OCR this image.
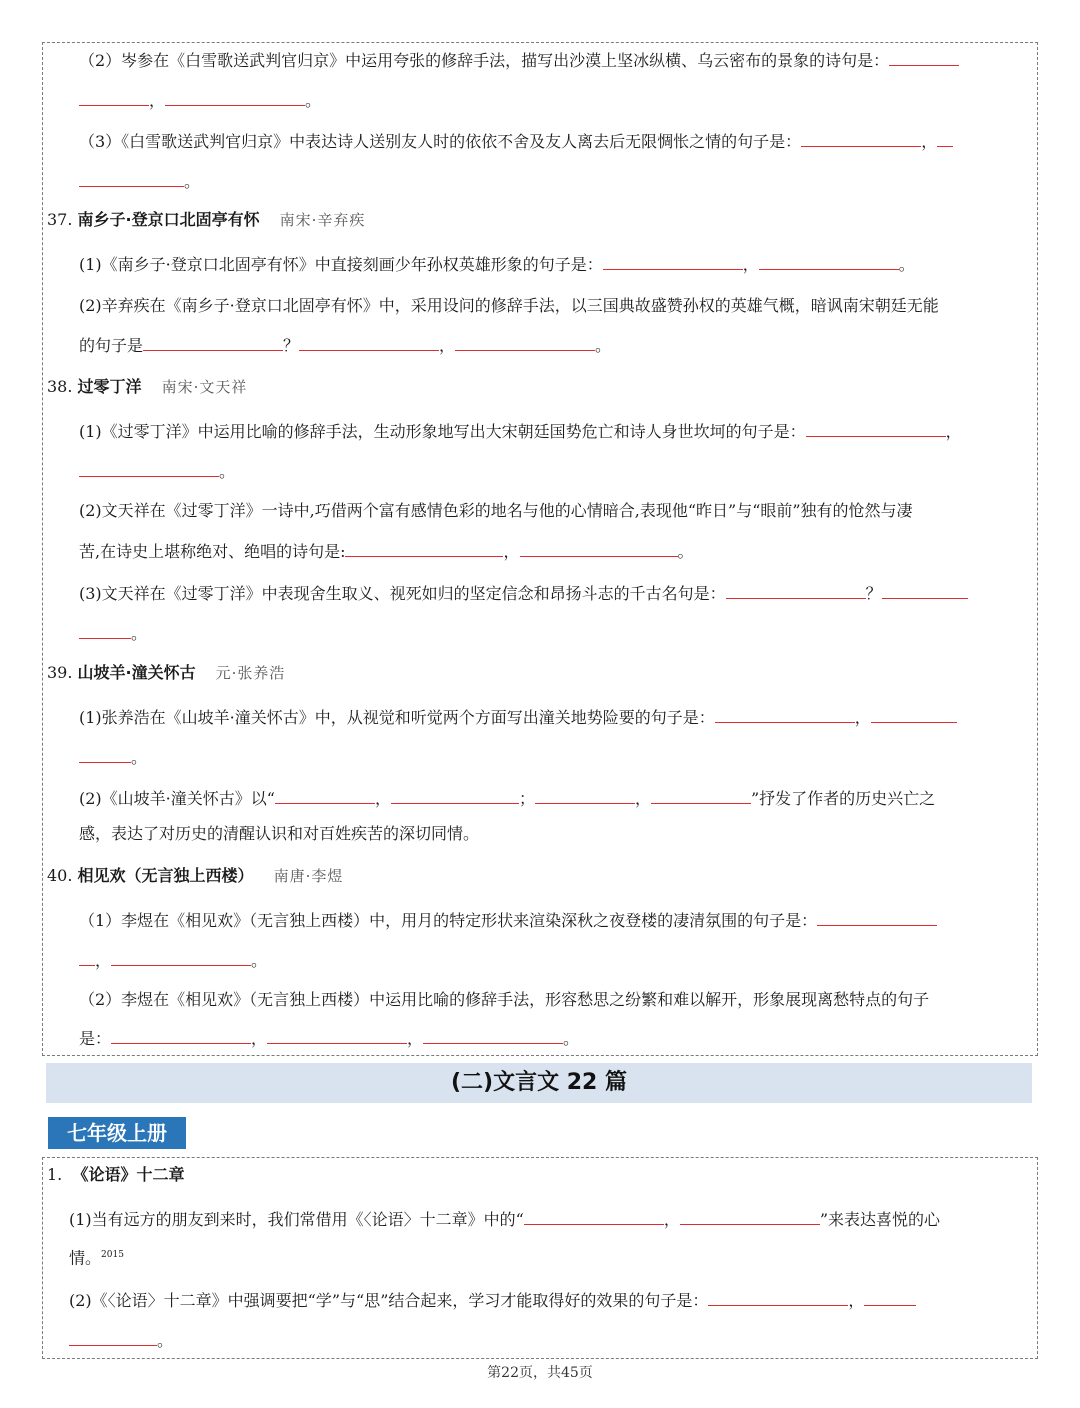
（2）岑参在《白雪歌送武判官归京》中运用夸张的修辞手法，描写出沙漠上坚冰纵横、乌云密布的景象的诗句是：
，	。
（3）《白雪歌送武判官归京》中表达诗人送别友人时的依依不舍及友人离去后无限惆怅之情的句子是：	，
。
37. 南乡子·登京口北固亭有怀 南宋·辛弃疾
(1)《南乡子·登京口北固亭有怀》中直接刻画少年孙权英雄形象的句子是：	，	。
(2)辛弃疾在《南乡子·登京口北固亭有怀》中，采用设问的修辞手法，以三国典故盛赞孙权的英雄气概，暗讽南宋朝廷无能
的句子是	？	，	。
38. 过零丁洋 南宋·文天祥
(1)《过零丁洋》中运用比喻的修辞手法，生动形象地写出大宋朝廷国势危亡和诗人身世坎坷的句子是：	，
。
(2)文天祥在《过零丁洋》一诗中,巧借两个富有感情色彩的地名与他的心情暗合,表现他“昨日”与“眼前”独有的怆然与凄
苦,在诗史上堪称绝对、绝唱的诗句是:	，	。
(3)文天祥在《过零丁洋》中表现舍生取义、视死如归的坚定信念和昂扬斗志的千古名句是：	？
。
39. 山坡羊·潼关怀古 元·张养浩
(1)张养浩在《山坡羊·潼关怀古》中，从视觉和听觉两个方面写出潼关地势险要的句子是：	，
。
(2)《山坡羊·潼关怀古》以“	，	；	，	”抒发了作者的历史兴亡之
感，表达了对历史的清醒认识和对百姓疾苦的深切同情。
40. 相见欢（无言独上西楼） 南唐·李煜
（1）李煜在《相见欢》（无言独上西楼）中，用月的特定形状来渲染深秋之夜登楼的凄清氛围的句子是：
，	。
（2）李煜在《相见欢》（无言独上西楼）中运用比喻的修辞手法，形容愁思之纷繁和难以解开，形象展现离愁特点的句子
是：	，	，	。
(二)文言文 22 篇
七年级上册
1. 《论语》十二章
(1)当有远方的朋友到来时，我们常借用《〈论语〉十二章》中的“	，	”来表达喜悦的心
情。$^{2015}$
(2)《〈论语〉十二章》中强调要把“学”与“思”结合起来，学习才能取得好的效果的句子是：	，
。
第22页，共45页
